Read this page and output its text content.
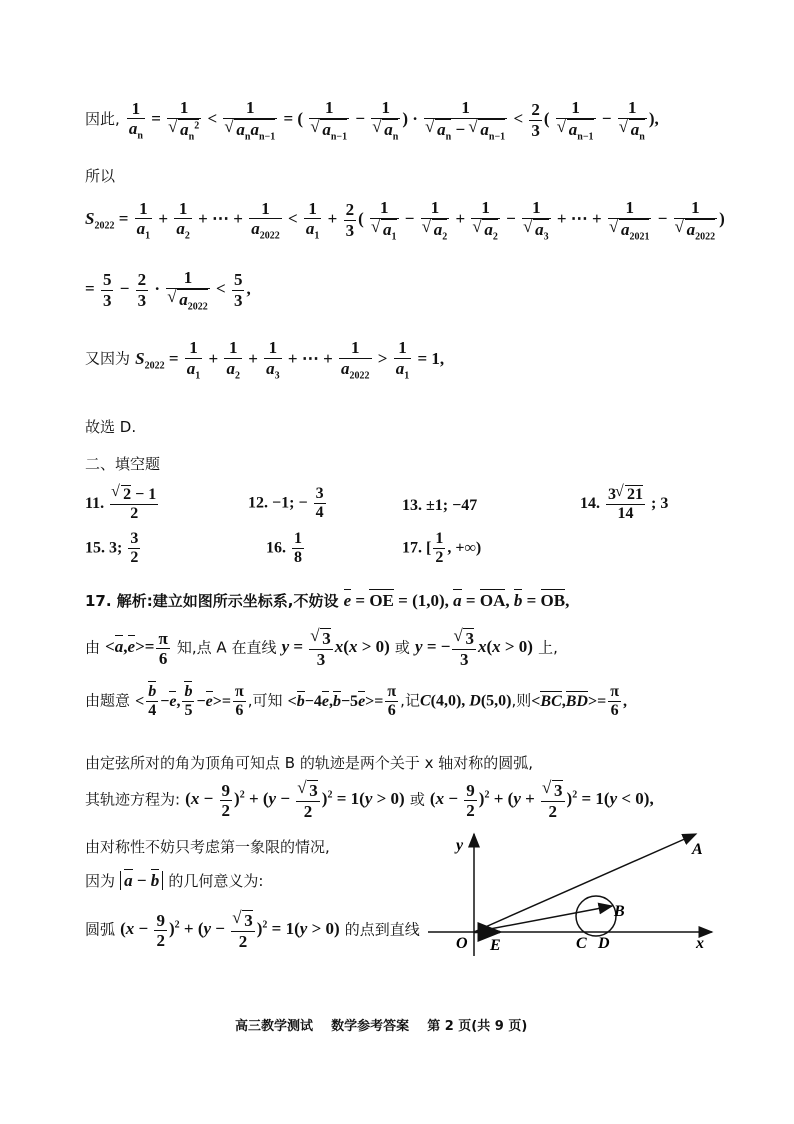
因此, $\frac{1}{a_n} = 1$
√ $a_n^2 < 1$
√ $a_na_{n-1}$ = ( 1
√ $a_{n-1} - 1$
√ $a_n$ ) · 1
√ $a_n$ − √ $a_{n-1} < \frac{2}{3}$ ( 1
√ $a_{n-1} - 1$
√ $a_n$ ),
所以
$S_{2022} = \frac{1}{a_1} + \frac{1}{a_2}$ + ⋯ + $\frac{1}{a_{2022}} < \frac{1}{a_1} + \frac{2}{3}$ ( 1
√ $a_1 - 1$
√ $a_2 + 1$
√ $a_2 - 1$
√ $a_3$ + ⋯ + 1
√ $a_{2021} - 1$
√ $a_{2022}$ )
= $\frac{5}{3} - \frac{2}{3} \cdot 1$
√ $a_{2022} < \frac{5}{3}$ ,
又因为 $S_{2022} = \frac{1}{a_1} + \frac{1}{a_2} + \frac{1}{a_3}$ + ⋯ + $\frac{1}{a_{2022}} > \frac{1}{a_1} = 1$,
故选 D.
二、填空题
11. √ $\frac{2 - 1}{2}$	12. −1; − $\frac{3}{4}$	13. ±1; −47	14. $\frac{3 √ 21}{14}$ ; 3
15. 3; $\frac{3}{2}$	16. $\frac{1}{8}$	17. [ $\frac{1}{2}$ , +∞)
17. 解析:建立如图所示坐标系,不妨设 e = OE = (1,0), a = OA, b = OB,
由 $<a,e>= \frac{\pi}{6}$ 知,点 A 在直线 y = √ $\frac{3}{3} x(x > 0)$ 或 y = − √ $\frac{3}{3} x(x > 0)$ 上,
由题意 < $\frac{b}{4} -e$, $\frac{b}{5} -e>= \frac{\pi}{6}$ ,可知 $<b-4e,b-5e>= \frac{\pi}{6}$ ,记C(4,0), D(5,0),则$<BC,BD>= \frac{\pi}{6}$ ,
由定弦所对的角为顶角可知点 B 的轨迹是两个关于 x 轴对称的圆弧,
其轨迹方程为: $(x - \frac{9}{2} )^2 + (y$ − √ $\frac{3}{2} )^2 = 1(y > 0)$ 或 $(x - \frac{9}{2} )^2 + (y$ + √ $\frac{3}{2} )^2 = 1(y < 0)$,
由对称性不妨只考虑第一象限的情况,
因为 a − b 的几何意义为:
圆弧 $(x - \frac{9}{2} )^2 + (y$ − √ $\frac{3}{2} )^2 = 1(y > 0)$ 的点到直线
y
x
O E	C D
A
B
高三教学测试    数学参考答案    第 2 页(共 9 页)
